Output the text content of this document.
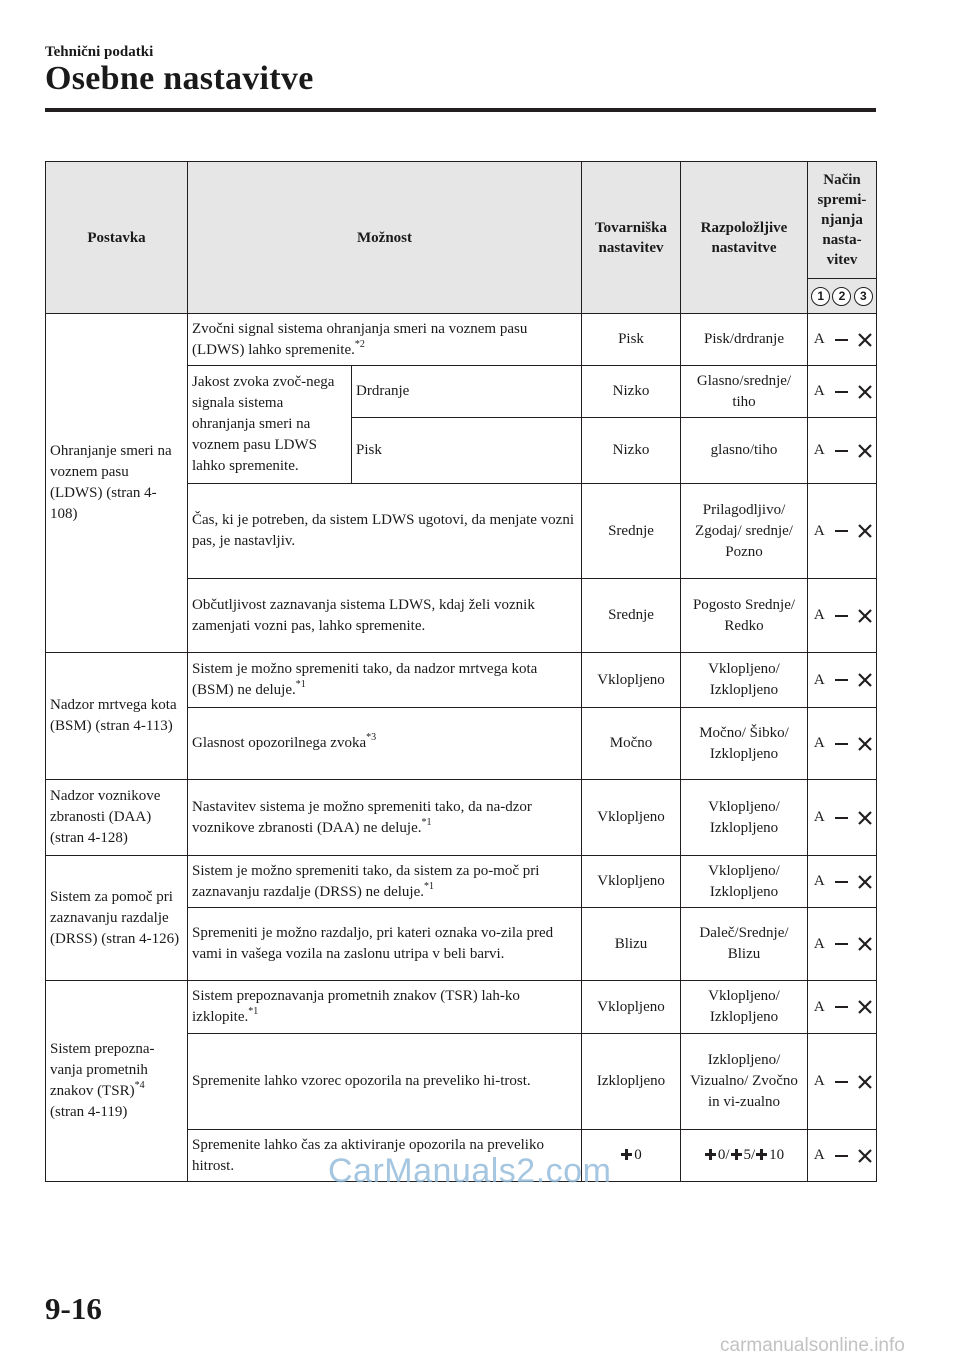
Tehnični podatki
Osebne nastavitve
Postavka	Možnost		Tovarniška nastavitev	Razpoložljive nastavitve	Način spremi-njanja nasta-vitev

1 2 3

Ohranjanje smeri na voznem pasu (LDWS) (stran 4-108)	Zvočni signal sistema ohranjanja smeri na voznem pasu (LDWS) lahko spremenite.$^{*2}$		Pisk	Pisk/drdranje	A

	Jakost zvoka zvoč-nega signala sistema ohranjanja smeri na voznem pasu LDWS lahko spremenite.	Drdranje	Nizko	Glasno/srednje/ tiho	A

		Pisk	Nizko	glasno/tiho	A

	Čas, ki je potreben, da sistem LDWS ugotovi, da menjate vozni pas, je nastavljiv.		Srednje	Prilagodljivo/ Zgodaj/ srednje/ Pozno	A

	Občutljivost zaznavanja sistema LDWS, kdaj želi voznik zamenjati vozni pas, lahko spremenite.		Srednje	Pogosto Srednje/ Redko	A

Nadzor mrtvega kota (BSM) (stran 4-113)	Sistem je možno spremeniti tako, da nadzor mrtvega kota (BSM) ne deluje.$^{*1}$		Vklopljeno	Vklopljeno/ Izklopljeno	A

	Glasnost opozorilnega zvoka$^{*3}$		Močno	Močno/ Šibko/ Izklopljeno	A

Nadzor voznikove zbranosti (DAA) (stran 4-128)	Nastavitev sistema je možno spremeniti tako, da na-dzor voznikove zbranosti (DAA) ne deluje.$^{*1}$		Vklopljeno	Vklopljeno/ Izklopljeno	A

Sistem za pomoč pri zaznavanju razdalje (DRSS) (stran 4-126)	Sistem je možno spremeniti tako, da sistem za po-moč pri zaznavanju razdalje (DRSS) ne deluje.$^{*1}$		Vklopljeno	Vklopljeno/ Izklopljeno	A

	Spremeniti je možno razdaljo, pri kateri oznaka vo-zila pred vami in vašega vozila na zaslonu utripa v beli barvi.		Blizu	Daleč/Srednje/ Blizu	A

Sistem prepozna-vanja prometnih znakov (TSR)$^{*4}$
(stran 4-119)	Sistem prepoznavanja prometnih znakov (TSR) lah-ko izklopite.$^{*1}$		Vklopljeno	Vklopljeno/ Izklopljeno	A

	Spremenite lahko vzorec opozorila na preveliko hi-trost.		Izklopljeno	Izklopljeno/ Vizualno/ Zvočno in vi-zualno	A

	Spremenite lahko čas za aktiviranje opozorila na preveliko hitrost.		0	0/ 5/ 10	A
CarManuals2.com
9-16
carmanualsonline.info
